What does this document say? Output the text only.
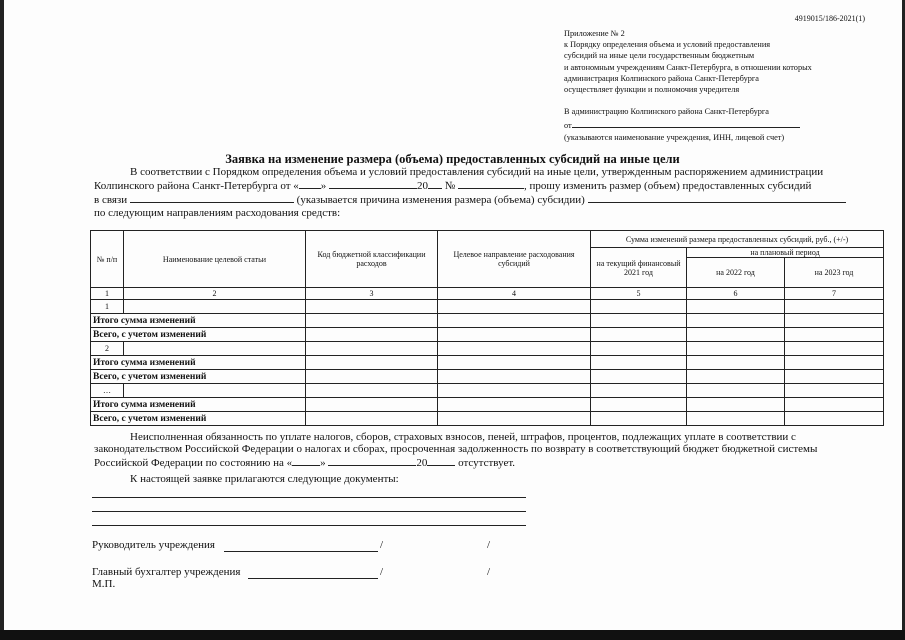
4919015/186-2021(1)
Приложение № 2
к Порядку определения объема и условий предоставления
субсидий на иные цели государственным бюджетным
и автономным учреждениям Санкт-Петербурга, в отношении которых
администрация Колпинского района Санкт-Петербурга
осуществляет функции и полномочия учредителя
В администрацию Колпинского района Санкт-Петербурга
от
(указываются наименование учреждения, ИНН, лицевой счет)
Заявка на изменение размера (объема) предоставленных субсидий на иные цели
В соответствии с Порядком определения объема и условий предоставления субсидий на иные цели, утвержденным распоряжением администрации
Колпинского района Санкт-Петербурга от « »	20 №	, прошу изменить размер (объем) предоставленных субсидий
в связи	(указывается причина изменения размера (объема) субсидии)
по следующим направлениям расходования средств:
№ п/п	Наименование целевой статьи	Код бюджетной классификации расходов	Целевое направление расходования субсидий	Сумма изменений размера предоставленных субсидий, руб., (+/-)		
				на текущий финансовый 2021 год	на плановый период	
					на 2022 год	на 2023 год
1	2	3	4	5	6	7
1						
Итого сумма изменений						
Всего, с учетом изменений						
2						
Итого сумма изменений						
Всего, с учетом изменений						
…						
Итого сумма изменений						
Всего, с учетом изменений						
Неисполненная обязанность по уплате налогов, сборов, страховых взносов, пеней, штрафов, процентов, подлежащих уплате в соответствии с
законодательством Российской Федерации о налогах и сборах, просроченная задолженность по возврату в соответствующий бюджет бюджетной системы
Российской Федерации по состоянию на «	»	20	отсутствует.
К настоящей заявке прилагаются следующие документы:
Руководитель учреждения	/	/
Главный бухгалтер учреждения	/	/
М.П.
